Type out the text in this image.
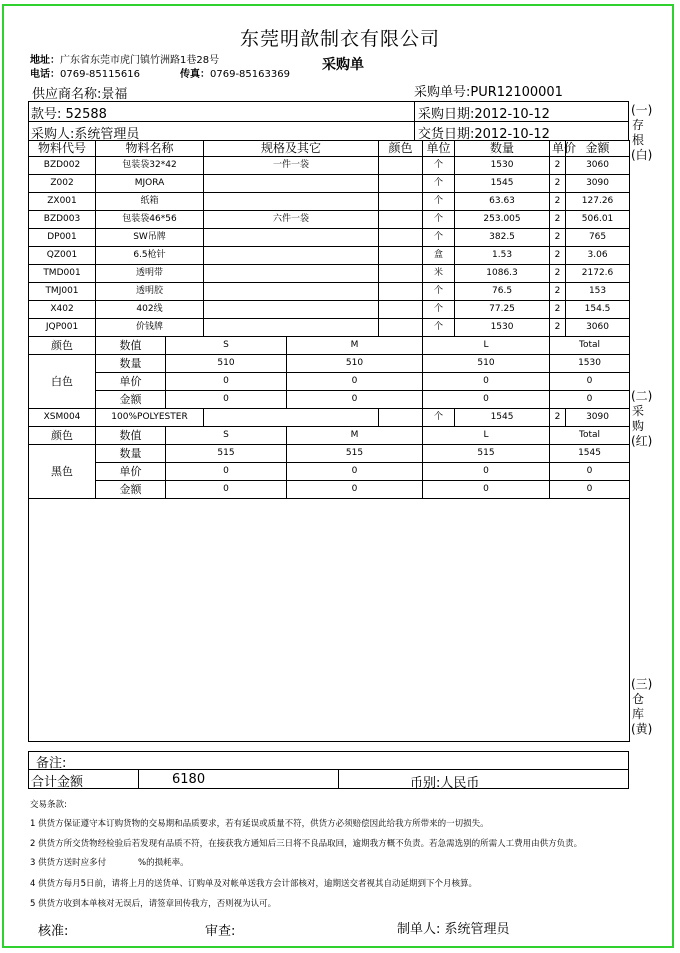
东莞明歆制衣有限公司
地址：广东省东莞市虎门镇竹洲路1巷28号
电话：0769-85115616	传真：0769-85163369
采购单
供应商名称:景福	采购单号:PUR12100001
款号: 52588	采购日期:2012-10-12
采购人:系统管理员	交货日期:2012-10-12
物料代号	物料名称		规格及其它		颜色	单位	数量	单价	金额
BZD002	包装袋32*42		一件一袋			个	1530	2	3060
Z002	MJORA					个	1545	2	3090
ZX001	纸箱					个	63.63	2	127.26
BZD003	包装袋46*56		六件一袋			个	253.005	2	506.01
DP001	SW吊牌					个	382.5	2	765
QZ001	6.5枪针					盒	1.53	2	3.06
TMD001	透明带					米	1086.3	2	2172.6
TMJ001	透明胶					个	76.5	2	153
X402	402线					个	77.25	2	154.5
JQP001	价钱牌					个	1530	2	3060
颜色	数值	S		M		L		Total	
白色	数量	510		510		510		1530	
	单价	0		0		0		0	
	金额	0		0		0		0	
XSM004	100%POLYESTER					个	1545	2	3090
颜色	数值	S		M		L		Total	
黑色	数量	515		515		515		1545	
	单价	0		0		0		0	
	金额	0		0		0		0	

备注:
合计金额	6180	币别:人民币
交易条款:
1 供货方保证遵守本订购货物的交易期和品质要求，若有延误或质量不符，供货方必须赔偿因此给我方所带来的一切损失。
2 供货方所交货物经检验后若发现有品质不符，在接获我方通知后三日将不良品取回，逾期我方概不负责。若急需选别的所需人工费用由供方负责。
3 供货方送时应多付	%的损耗率。
4 供货方每月5日前，请将上月的送货单、订购单及对帐单送我方会计部核对，逾期送交者视其自动延期到下个月核算。
5 供货方收到本单核对无误后，请签章回传我方，否则视为认可。
核准:	审查:	制单人: 系统管理员
(一)存根(白)
(二)采购(红)
(三)仓库(黄)
